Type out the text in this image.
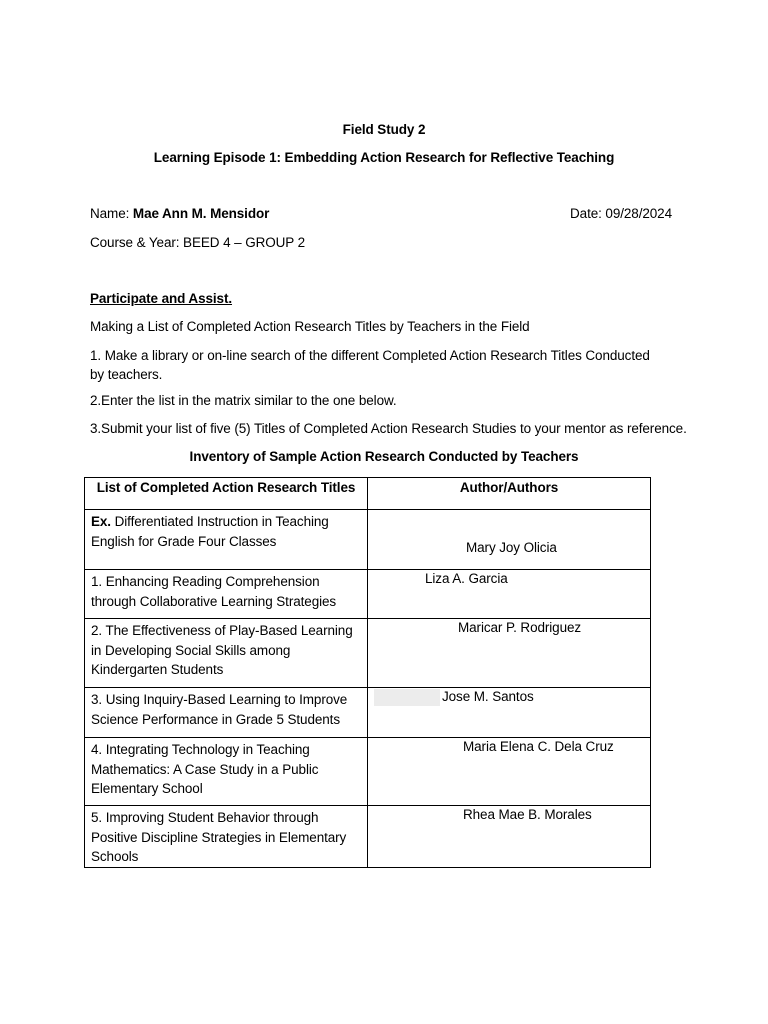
Field Study 2
Learning Episode 1: Embedding Action Research for Reflective Teaching
Name: Mae Ann M. Mensidor	Date: 09/28/2024
Course & Year: BEED 4 – GROUP 2
Participate and Assist.
Making a List of Completed Action Research Titles by Teachers in the Field
1. Make a library or on-line search of the different Completed Action Research Titles Conducted by teachers.
2.Enter the list in the matrix similar to the one below.
3.Submit your list of five (5) Titles of Completed Action Research Studies to your mentor as reference.
Inventory of Sample Action Research Conducted by Teachers
List of Completed Action Research Titles	Author/Authors
Ex. Differentiated Instruction in Teaching English for Grade Four Classes	Mary Joy Olicia

1. Enhancing Reading Comprehension through Collaborative Learning Strategies	Liza A. Garcia

2. The Effectiveness of Play-Based Learning in Developing Social Skills among Kindergarten Students	Maricar P. Rodriguez

3. Using Inquiry-Based Learning to Improve Science Performance in Grade 5 Students	Jose M. Santos

4. Integrating Technology in Teaching Mathematics: A Case Study in a Public Elementary School	Maria Elena C. Dela Cruz

5. Improving Student Behavior through Positive Discipline Strategies in Elementary Schools	Rhea Mae B. Morales
